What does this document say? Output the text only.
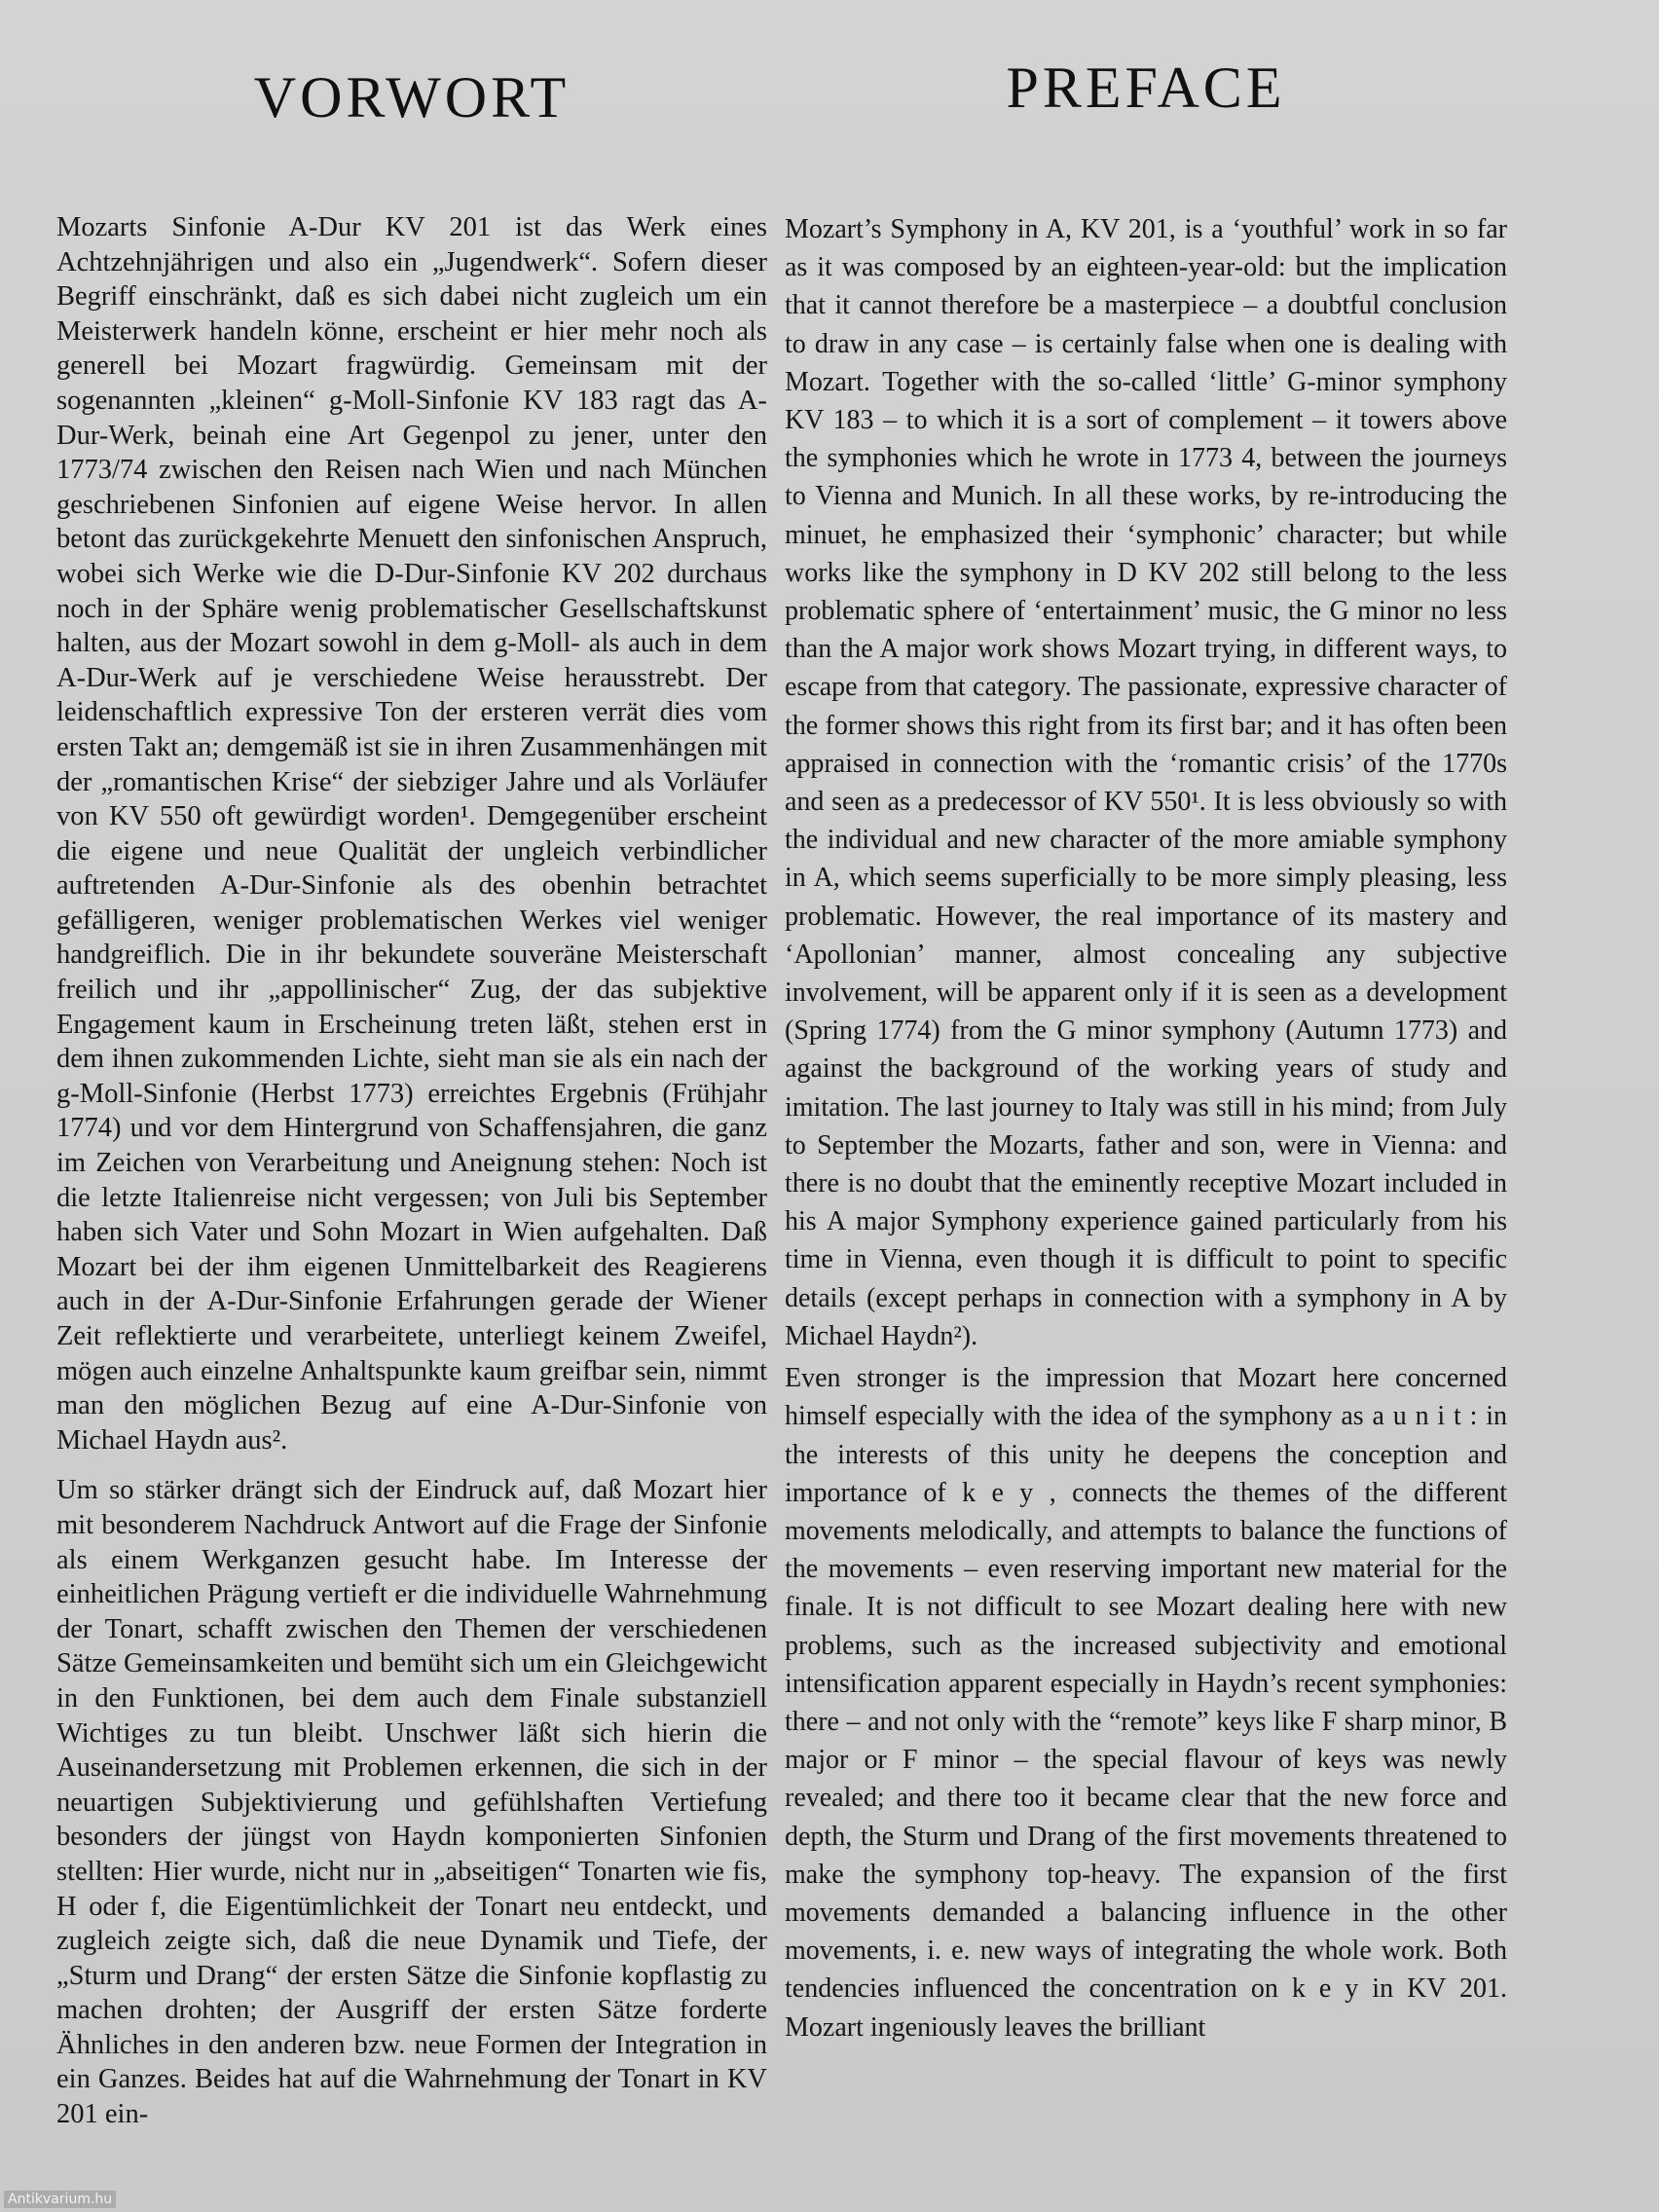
VORWORT

Mozarts Sinfonie A-Dur KV 201 ist das Werk eines Achtzehnjährigen und also ein „Jugendwerk“. Sofern dieser Begriff einschränkt, daß es sich dabei nicht zugleich um ein Meisterwerk handeln könne, erscheint er hier mehr noch als generell bei Mozart fragwürdig. Gemeinsam mit der sogenannten „kleinen“ g-Moll-Sinfonie KV 183 ragt das A-Dur-Werk, beinah eine Art Gegenpol zu jener, unter den 1773/74 zwischen den Reisen nach Wien und nach München geschriebenen Sinfonien auf eigene Weise hervor. In allen betont das zurückgekehrte Menuett den sinfonischen Anspruch, wobei sich Werke wie die D-Dur-Sinfonie KV 202 durchaus noch in der Sphäre wenig problematischer Gesellschaftskunst halten, aus der Mozart sowohl in dem g-Moll- als auch in dem A-Dur-Werk auf je verschiedene Weise herausstrebt. Der leidenschaftlich expressive Ton der ersteren verrät dies vom ersten Takt an; demgemäß ist sie in ihren Zusammenhängen mit der „romantischen Krise“ der siebziger Jahre und als Vorläufer von KV 550 oft gewürdigt worden¹. Demgegenüber erscheint die eigene und neue Qualität der ungleich verbindlicher auftretenden A-Dur-Sinfonie als des obenhin betrachtet gefälligeren, weniger problematischen Werkes viel weniger handgreiflich. Die in ihr bekundete souveräne Meisterschaft freilich und ihr „appollinischer“ Zug, der das subjektive Engagement kaum in Erscheinung treten läßt, stehen erst in dem ihnen zukommenden Lichte, sieht man sie als ein nach der g-Moll-Sinfonie (Herbst 1773) erreichtes Ergebnis (Frühjahr 1774) und vor dem Hintergrund von Schaffensjahren, die ganz im Zeichen von Verarbeitung und Aneignung stehen: Noch ist die letzte Italienreise nicht vergessen; von Juli bis September haben sich Vater und Sohn Mozart in Wien aufgehalten. Daß Mozart bei der ihm eigenen Unmittelbarkeit des Reagierens auch in der A-Dur-Sinfonie Erfahrungen gerade der Wiener Zeit reflektierte und verarbeitete, unterliegt keinem Zweifel, mögen auch einzelne Anhaltspunkte kaum greifbar sein, nimmt man den möglichen Bezug auf eine A-Dur-Sinfonie von Michael Haydn aus².

Um so stärker drängt sich der Eindruck auf, daß Mozart hier mit besonderem Nachdruck Antwort auf die Frage der Sinfonie als einem Werkganzen gesucht habe. Im Interesse der einheitlichen Prägung vertieft er die individuelle Wahrnehmung der Tonart, schafft zwischen den Themen der verschiedenen Sätze Gemeinsamkeiten und bemüht sich um ein Gleichgewicht in den Funktionen, bei dem auch dem Finale substanziell Wichtiges zu tun bleibt. Unschwer läßt sich hierin die Auseinandersetzung mit Problemen erkennen, die sich in der neuartigen Subjektivierung und gefühlshaften Vertiefung besonders der jüngst von Haydn komponierten Sinfonien stellten: Hier wurde, nicht nur in „abseitigen“ Tonarten wie fis, H oder f, die Eigentümlichkeit der Tonart neu entdeckt, und zugleich zeigte sich, daß die neue Dynamik und Tiefe, der „Sturm und Drang“ der ersten Sätze die Sinfonie kopflastig zu machen drohten; der Ausgriff der ersten Sätze forderte Ähnliches in den anderen bzw. neue Formen der Integration in ein Ganzes. Beides hat auf die Wahrnehmung der Tonart in KV 201 ein-

PREFACE

Mozart’s Symphony in A, KV 201, is a ‘youthful’ work in so far as it was composed by an eighteen-year-old: but the implication that it cannot therefore be a masterpiece – a doubtful conclusion to draw in any case – is certainly false when one is dealing with Mozart. Together with the so-called ‘little’ G-minor symphony KV 183 – to which it is a sort of complement – it towers above the symphonies which he wrote in 1773 4, between the journeys to Vienna and Munich. In all these works, by re-introducing the minuet, he emphasized their ‘symphonic’ character; but while works like the symphony in D KV 202 still belong to the less problematic sphere of ‘entertainment’ music, the G minor no less than the A major work shows Mozart trying, in different ways, to escape from that category. The passionate, expressive character of the former shows this right from its first bar; and it has often been appraised in connection with the ‘romantic crisis’ of the 1770s and seen as a predecessor of KV 550¹. It is less obviously so with the individual and new character of the more amiable symphony in A, which seems superficially to be more simply pleasing, less problematic. However, the real importance of its mastery and ‘Apollonian’ manner, almost concealing any subjective involvement, will be apparent only if it is seen as a development (Spring 1774) from the G minor symphony (Autumn 1773) and against the background of the working years of study and imitation. The last journey to Italy was still in his mind; from July to September the Mozarts, father and son, were in Vienna: and there is no doubt that the eminently receptive Mozart included in his A major Symphony experience gained particularly from his time in Vienna, even though it is difficult to point to specific details (except perhaps in connection with a symphony in A by Michael Haydn²).

Even stronger is the impression that Mozart here concerned himself especially with the idea of the symphony as a u n i t : in the interests of this unity he deepens the conception and importance of k e y , connects the themes of the different movements melodically, and attempts to balance the functions of the movements – even reserving important new material for the finale. It is not difficult to see Mozart dealing here with new problems, such as the increased subjectivity and emotional intensification apparent especially in Haydn’s recent symphonies: there – and not only with the “remote” keys like F sharp minor, B major or F minor – the special flavour of keys was newly revealed; and there too it became clear that the new force and depth, the Sturm und Drang of the first movements threatened to make the symphony top-heavy. The expansion of the first movements demanded a balancing influence in the other movements, i. e. new ways of integrating the whole work. Both tendencies influenced the concentration on k e y in KV 201. Mozart ingeniously leaves the brilliant

Antikvarium.hu
